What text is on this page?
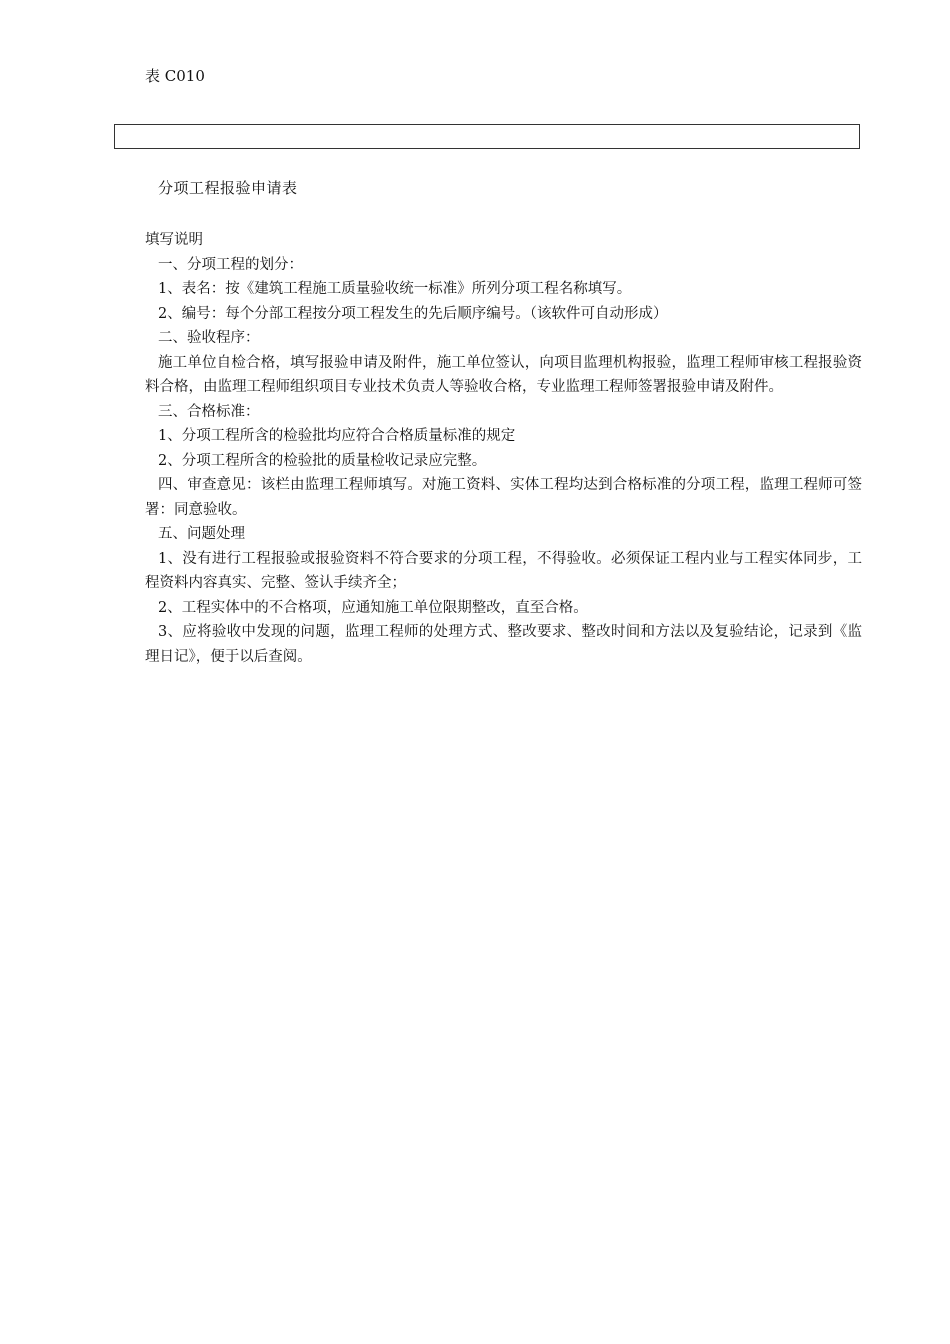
表 C010
分项工程报验申请表

填写说明

一、分项工程的划分：

1、表名：按《建筑工程施工质量验收统一标准》所列分项工程名称填写。

2、编号：每个分部工程按分项工程发生的先后顺序编号。（该软件可自动形成）

二、验收程序：

施工单位自检合格，填写报验申请及附件，施工单位签认，向项目监理机构报验，监理工程师审核工程报验资料合格，由监理工程师组织项目专业技术负责人等验收合格，专业监理工程师签署报验申请及附件。

三、合格标准：

1、分项工程所含的检验批均应符合合格质量标准的规定

2、分项工程所含的检验批的质量检收记录应完整。

四、审查意见：该栏由监理工程师填写。对施工资料、实体工程均达到合格标准的分项工程，监理工程师可签署：同意验收。

五、问题处理

1、没有进行工程报验或报验资料不符合要求的分项工程，不得验收。必须保证工程内业与工程实体同步，工程资料内容真实、完整、签认手续齐全；

2、工程实体中的不合格项，应通知施工单位限期整改，直至合格。

3、应将验收中发现的问题，监理工程师的处理方式、整改要求、整改时间和方法以及复验结论，记录到《监理日记》，便于以后查阅。
